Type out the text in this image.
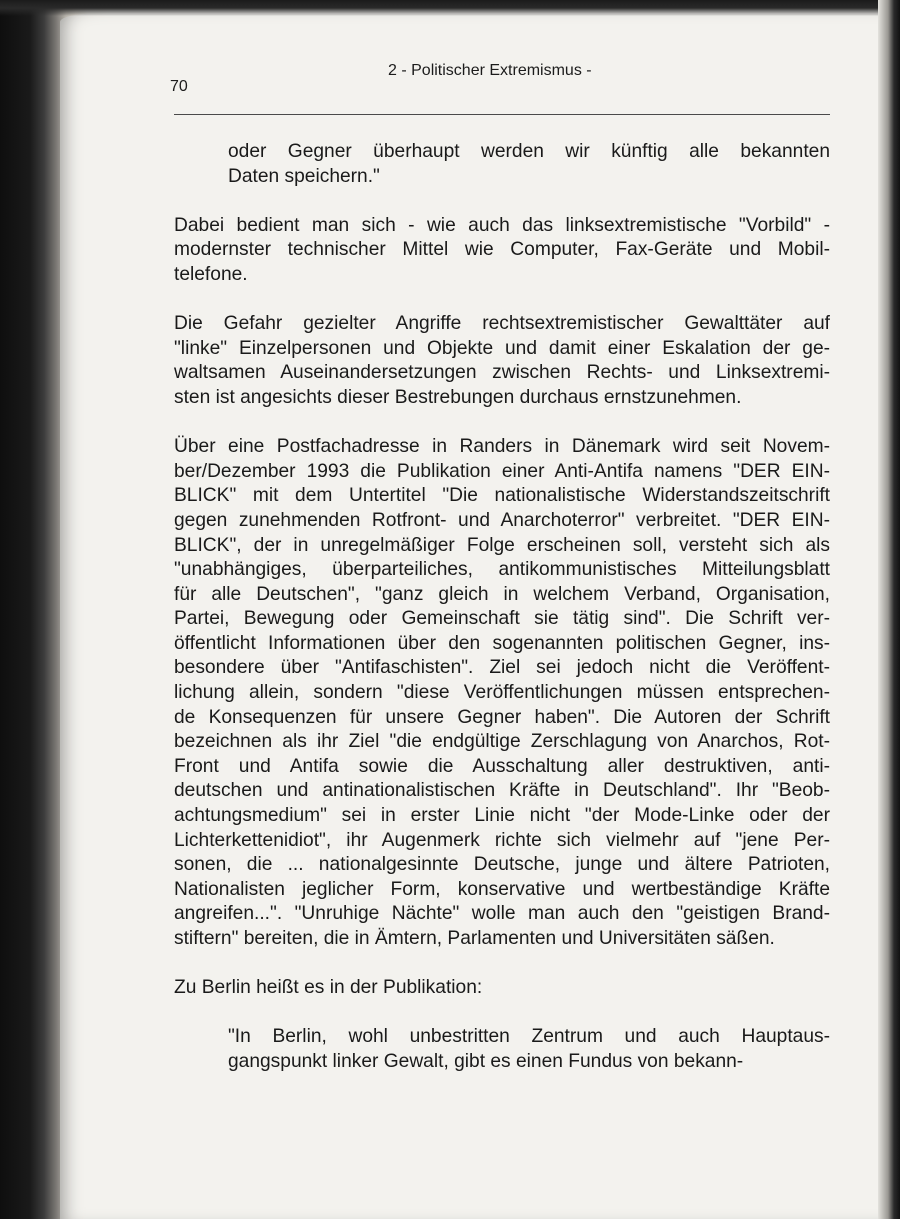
70

2 - Politischer Extremismus -

oder Gegner überhaupt werden wir künftig alle bekannten
Daten speichern."

Dabei bedient man sich - wie auch das linksextremistische "Vorbild" -
modernster technischer Mittel wie Computer, Fax-Geräte und Mobil-
telefone.

Die Gefahr gezielter Angriffe rechtsextremistischer Gewalttäter auf
"linke" Einzelpersonen und Objekte und damit einer Eskalation der ge-
waltsamen Auseinandersetzungen zwischen Rechts- und Linksextremi-
sten ist angesichts dieser Bestrebungen durchaus ernstzunehmen.

Über eine Postfachadresse in Randers in Dänemark wird seit Novem-
ber/Dezember 1993 die Publikation einer Anti-Antifa namens "DER EIN-
BLICK" mit dem Untertitel "Die nationalistische Widerstandszeitschrift
gegen zunehmenden Rotfront- und Anarchoterror" verbreitet. "DER EIN-
BLICK", der in unregelmäßiger Folge erscheinen soll, versteht sich als
"unabhängiges, überparteiliches, antikommunistisches Mitteilungsblatt
für alle Deutschen", "ganz gleich in welchem Verband, Organisation,
Partei, Bewegung oder Gemeinschaft sie tätig sind". Die Schrift ver-
öffentlicht Informationen über den sogenannten politischen Gegner, ins-
besondere über "Antifaschisten". Ziel sei jedoch nicht die Veröffent-
lichung allein, sondern "diese Veröffentlichungen müssen entsprechen-
de Konsequenzen für unsere Gegner haben". Die Autoren der Schrift
bezeichnen als ihr Ziel "die endgültige Zerschlagung von Anarchos, Rot-
Front und Antifa sowie die Ausschaltung aller destruktiven, anti-
deutschen und antinationalistischen Kräfte in Deutschland". Ihr "Beob-
achtungsmedium" sei in erster Linie nicht "der Mode-Linke oder der
Lichterkettenidiot", ihr Augenmerk richte sich vielmehr auf "jene Per-
sonen, die ... nationalgesinnte Deutsche, junge und ältere Patrioten,
Nationalisten jeglicher Form, konservative und wertbeständige Kräfte
angreifen...". "Unruhige Nächte" wolle man auch den "geistigen Brand-
stiftern" bereiten, die in Ämtern, Parlamenten und Universitäten säßen.

Zu Berlin heißt es in der Publikation:

"In Berlin, wohl unbestritten Zentrum und auch Hauptaus-
gangspunkt linker Gewalt, gibt es einen Fundus von bekann-
